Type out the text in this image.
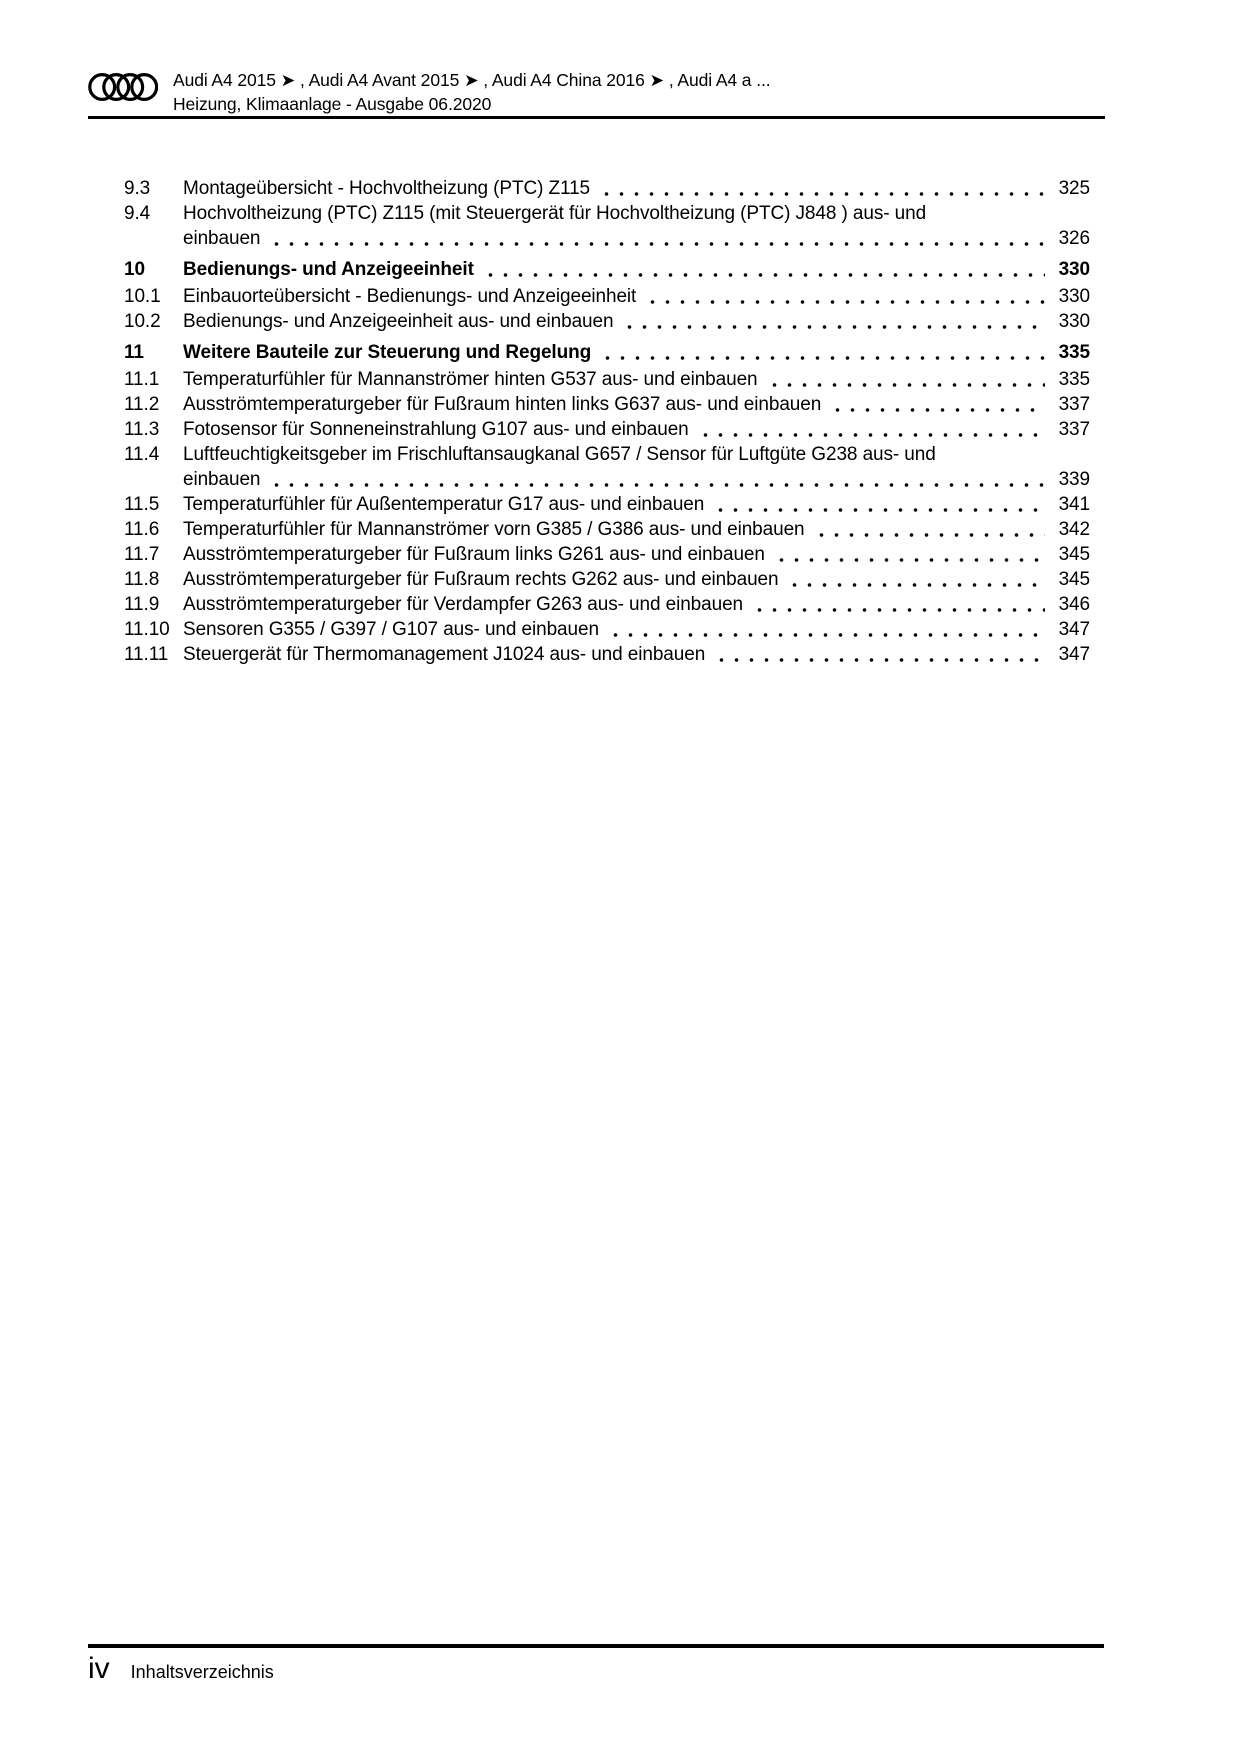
Audi A4 2015 ➤ , Audi A4 Avant 2015 ➤ , Audi A4 China 2016 ➤ , Audi A4 a ...
Heizung, Klimaanlage - Ausgabe 06.2020
9.3	Montageübersicht - Hochvoltheizung (PTC) Z115	325
9.4	Hochvoltheizung (PTC) Z115 (mit Steuergerät für Hochvoltheizung (PTC) J848 ) aus- und
einbauen	326
10	Bedienungs- und Anzeigeeinheit	330
10.1	Einbauorteübersicht - Bedienungs- und Anzeigeeinheit	330
10.2	Bedienungs- und Anzeigeeinheit aus- und einbauen	330
11	Weitere Bauteile zur Steuerung und Regelung	335
11.1	Temperaturfühler für Mannanströmer hinten G537 aus- und einbauen	335
11.2	Ausströmtemperaturgeber für Fußraum hinten links G637 aus- und einbauen	337
11.3	Fotosensor für Sonneneinstrahlung G107 aus- und einbauen	337
11.4	Luftfeuchtigkeitsgeber im Frischluftansaugkanal G657 / Sensor für Luftgüte G238 aus- und
einbauen	339
11.5	Temperaturfühler für Außentemperatur G17 aus- und einbauen	341
11.6	Temperaturfühler für Mannanströmer vorn G385 / G386 aus- und einbauen	342
11.7	Ausströmtemperaturgeber für Fußraum links G261 aus- und einbauen	345
11.8	Ausströmtemperaturgeber für Fußraum rechts G262 aus- und einbauen	345
11.9	Ausströmtemperaturgeber für Verdampfer G263 aus- und einbauen	346
11.10 Sensoren G355 / G397 / G107 aus- und einbauen	347
11.11 Steuergerät für Thermomanagement J1024 aus- und einbauen	347
iv Inhaltsverzeichnis
